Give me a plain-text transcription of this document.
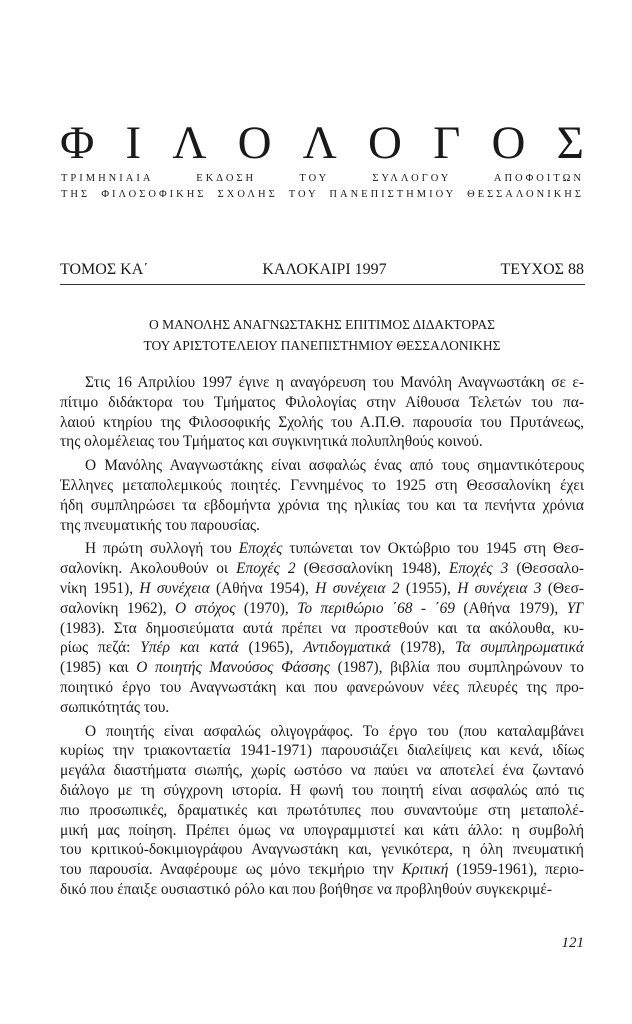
Φ Ι Λ Ο Λ Ο Γ Ο Σ
ΤΡΙΜΗΝΙΑΙΑ ΕΚΔΟΣΗ ΤΟΥ ΣΥΛΛΟΓΟΥ ΑΠΟΦΟΙΤΩΝ
ΤΗΣ ΦΙΛΟΣΟΦΙΚΗΣ ΣΧΟΛΗΣ ΤΟΥ ΠΑΝΕΠΙΣΤΗΜΙΟΥ ΘΕΣΣΑΛΟΝΙΚΗΣ
ΤΟΜΟΣ ΚΑ΄	ΚΑΛΟΚΑΙΡΙ 1997	ΤΕΥΧΟΣ 88
Ο ΜΑΝΟΛΗΣ ΑΝΑΓΝΩΣΤΑΚΗΣ ΕΠΙΤΙΜΟΣ ΔΙΔΑΚΤΟΡΑΣ
ΤΟΥ ΑΡΙΣΤΟΤΕΛΕΙΟΥ ΠΑΝΕΠΙΣΤΗΜΙΟΥ ΘΕΣΣΑΛΟΝΙΚΗΣ
Στις 16 Απριλίου 1997 έγινε η αναγόρευση του Μανόλη Αναγνωστάκη σε ε-
πίτιμο διδάκτορα του Τμήματος Φιλολογίας στην Αίθουσα Τελετών του πα-
λαιού κτηρίου της Φιλοσοφικής Σχολής του Α.Π.Θ. παρουσία του Πρυτάνεως,
της ολομέλειας του Τμήματος και συγκινητικά πολυπληθούς κοινού.
Ο Μανόλης Αναγνωστάκης είναι ασφαλώς ένας από τους σημαντικότερους
Έλληνες μεταπολεμικούς ποιητές. Γεννημένος το 1925 στη Θεσσαλονίκη έχει
ήδη συμπληρώσει τα εβδομήντα χρόνια της ηλικίας του και τα πενήντα χρόνια
της πνευματικής του παρουσίας.
Η πρώτη συλλογή του Εποχές τυπώνεται τον Οκτώβριο του 1945 στη Θεσ-
σαλονίκη. Ακολουθούν οι Εποχές 2 (Θεσσαλονίκη 1948), Εποχές 3 (Θεσσαλο-
νίκη 1951), Η συνέχεια (Αθήνα 1954), Η συνέχεια 2 (1955), Η συνέχεια 3 (Θεσ-
σαλονίκη 1962), Ο στόχος (1970), Το περιθώριο ΄68 - ΄69 (Αθήνα 1979), ΥΓ
(1983). Στα δημοσιεύματα αυτά πρέπει να προστεθούν και τα ακόλουθα, κυ-
ρίως πεζά: Υπέρ και κατά (1965), Αντιδογματικά (1978), Τα συμπληρωματικά
(1985) και Ο ποιητής Μανούσος Φάσσης (1987), βιβλία που συμπληρώνουν το
ποιητικό έργο του Αναγνωστάκη και που φανερώνουν νέες πλευρές της προ-
σωπικότητάς του.
Ο ποιητής είναι ασφαλώς ολιγογράφος. Το έργο του (που καταλαμβάνει
κυρίως την τριακονταετία 1941-1971) παρουσιάζει διαλείψεις και κενά, ιδίως
μεγάλα διαστήματα σιωπής, χωρίς ωστόσο να παύει να αποτελεί ένα ζωντανό
διάλογο με τη σύγχρονη ιστορία. Η φωνή του ποιητή είναι ασφαλώς από τις
πιο προσωπικές, δραματικές και πρωτότυπες που συναντούμε στη μεταπολέ-
μική μας ποίηση. Πρέπει όμως να υπογραμμιστεί και κάτι άλλο: η συμβολή
του κριτικού-δοκιμιογράφου Αναγνωστάκη και, γενικότερα, η όλη πνευματική
του παρουσία. Αναφέρουμε ως μόνο τεκμήριο την Κριτική (1959-1961), περιο-
δικό που έπαιξε ουσιαστικό ρόλο και που βοήθησε να προβληθούν συγκεκριμέ-
121
